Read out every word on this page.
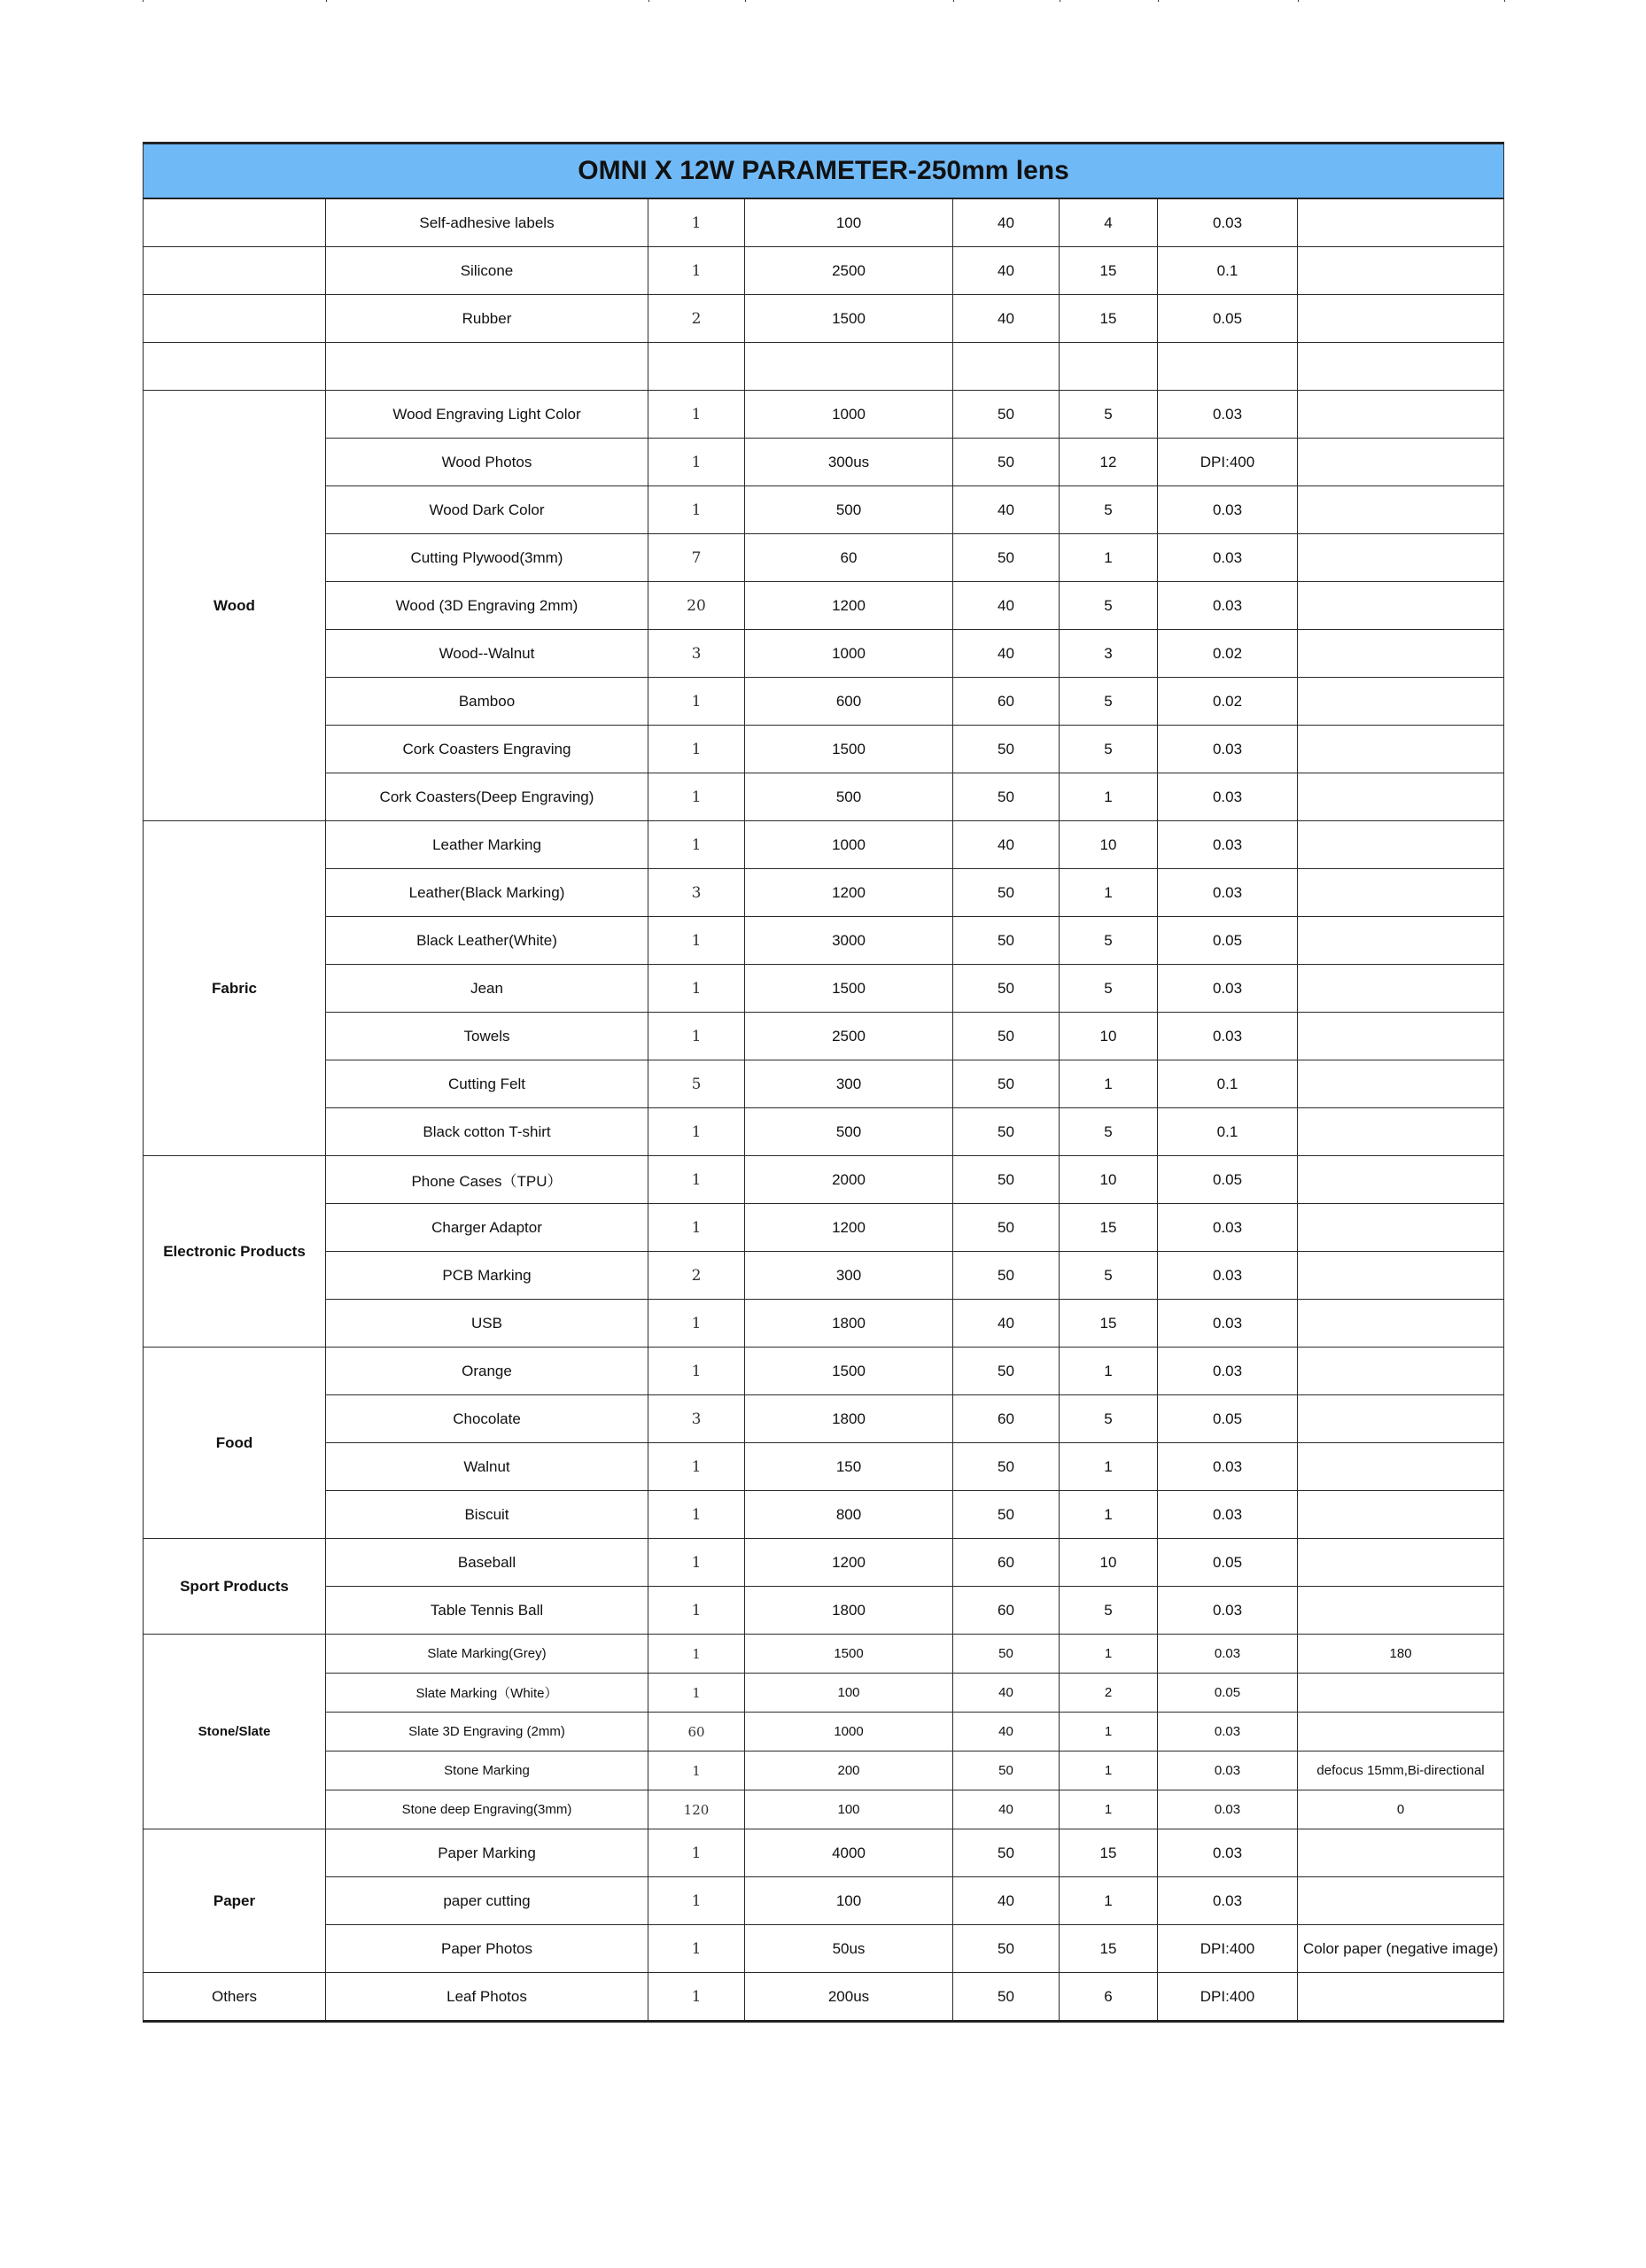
OMNI X 12W PARAMETER-250mm lens							
	Self-adhesive labels	1	100	40	4	0.03	
	Silicone	1	2500	40	15	0.1	
	Rubber	2	1500	40	15	0.05	

Wood	Wood Engraving Light Color	1	1000	50	5	0.03	
	Wood Photos	1	300us	50	12	DPI:400	
	Wood Dark Color	1	500	40	5	0.03	
	Cutting Plywood(3mm)	7	60	50	1	0.03	
	Wood (3D Engraving 2mm)	20	1200	40	5	0.03	
	Wood--Walnut	3	1000	40	3	0.02	
	Bamboo	1	600	60	5	0.02	
	Cork Coasters Engraving	1	1500	50	5	0.03	
	Cork Coasters(Deep Engraving)	1	500	50	1	0.03	
Fabric	Leather Marking	1	1000	40	10	0.03	
	Leather(Black Marking)	3	1200	50	1	0.03	
	Black Leather(White)	1	3000	50	5	0.05	
	Jean	1	1500	50	5	0.03	
	Towels	1	2500	50	10	0.03	
	Cutting Felt	5	300	50	1	0.1	
	Black cotton T-shirt	1	500	50	5	0.1	
Electronic Products	Phone Cases（TPU）	1	2000	50	10	0.05	
	Charger Adaptor	1	1200	50	15	0.03	
	PCB Marking	2	300	50	5	0.03	
	USB	1	1800	40	15	0.03	
Food	Orange	1	1500	50	1	0.03	
	Chocolate	3	1800	60	5	0.05	
	Walnut	1	150	50	1	0.03	
	Biscuit	1	800	50	1	0.03	
Sport Products	Baseball	1	1200	60	10	0.05	
	Table Tennis Ball	1	1800	60	5	0.03	
Stone/Slate	Slate Marking(Grey)	1	1500	50	1	0.03	180
	Slate Marking（White）	1	100	40	2	0.05	
	Slate 3D Engraving (2mm)	60	1000	40	1	0.03	
	Stone Marking	1	200	50	1	0.03	defocus 15mm,Bi-directional
	Stone deep Engraving(3mm)	120	100	40	1	0.03	0
Paper	Paper Marking	1	4000	50	15	0.03	
	paper cutting	1	100	40	1	0.03	
	Paper Photos	1	50us	50	15	DPI:400	Color paper (negative image)
Others	Leaf Photos	1	200us	50	6	DPI:400	
